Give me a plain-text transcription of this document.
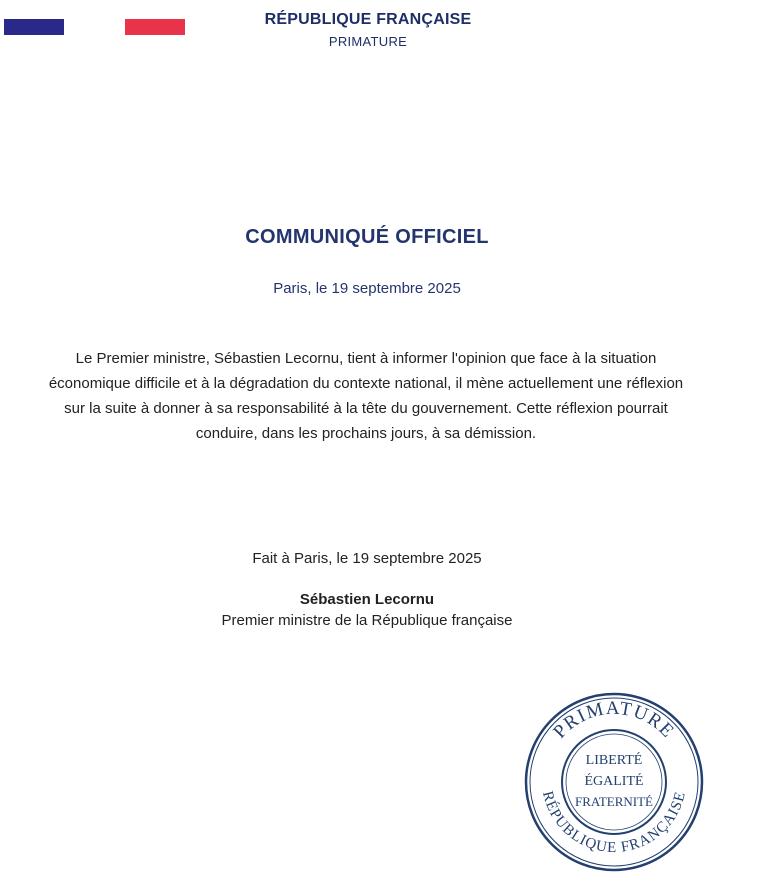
RÉPUBLIQUE FRANÇAISE
PRIMATURE
COMMUNIQUÉ OFFICIEL
Paris, le 19 septembre 2025
Le Premier ministre, Sébastien Lecornu, tient à informer l'opinion que face à la situation
économique difficile et à la dégradation du contexte national, il mène actuellement une réflexion
sur la suite à donner à sa responsabilité à la tête du gouvernement. Cette réflexion pourrait
conduire, dans les prochains jours, à sa démission.
Fait à Paris, le 19 septembre 2025
Sébastien Lecornu
Premier ministre de la République française
PRIMATURE
RÉPUBLIQUE FRANÇAISE
LIBERTÉ
ÉGALITÉ
FRATERNITÉ
